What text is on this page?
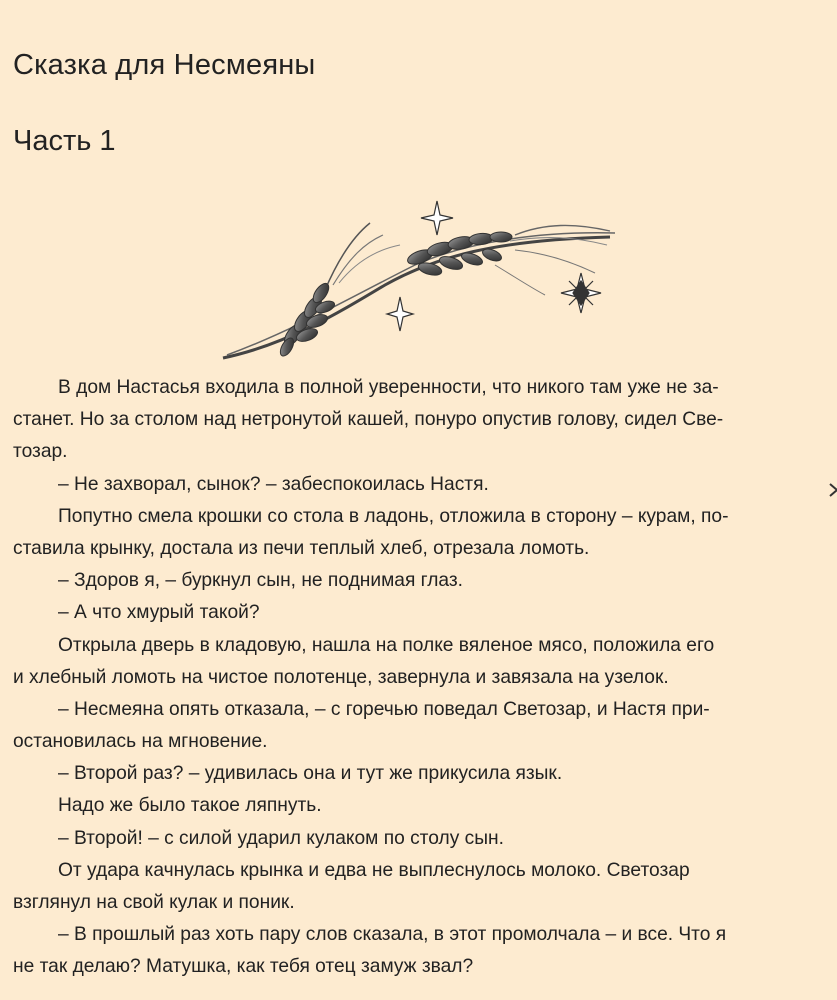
Сказка для Несмеяны
Часть 1
В дом Настасья входила в полной уверенности, что никого там уже не за-
станет. Но за столом над нетронутой кашей, понуро опустив голову, сидел Све-
тозар.
– Не захворал, сынок? – забеспокоилась Настя.
Попутно смела крошки со стола в ладонь, отложила в сторону – курам, по-
ставила крынку, достала из печи теплый хлеб, отрезала ломоть.
– Здоров я, – буркнул сын, не поднимая глаз.
– А что хмурый такой?
Открыла дверь в кладовую, нашла на полке вяленое мясо, положила его
и хлебный ломоть на чистое полотенце, завернула и завязала на узелок.
– Несмеяна опять отказала, – с горечью поведал Светозар, и Настя при-
остановилась на мгновение.
– Второй раз? – удивилась она и тут же прикусила язык.
Надо же было такое ляпнуть.
– Второй! – с силой ударил кулаком по столу сын.
От удара качнулась крынка и едва не выплеснулось молоко. Светозар
взглянул на свой кулак и поник.
– В прошлый раз хоть пару слов сказала, в этот промолчала – и все. Что я
не так делаю? Матушка, как тебя отец замуж звал?
